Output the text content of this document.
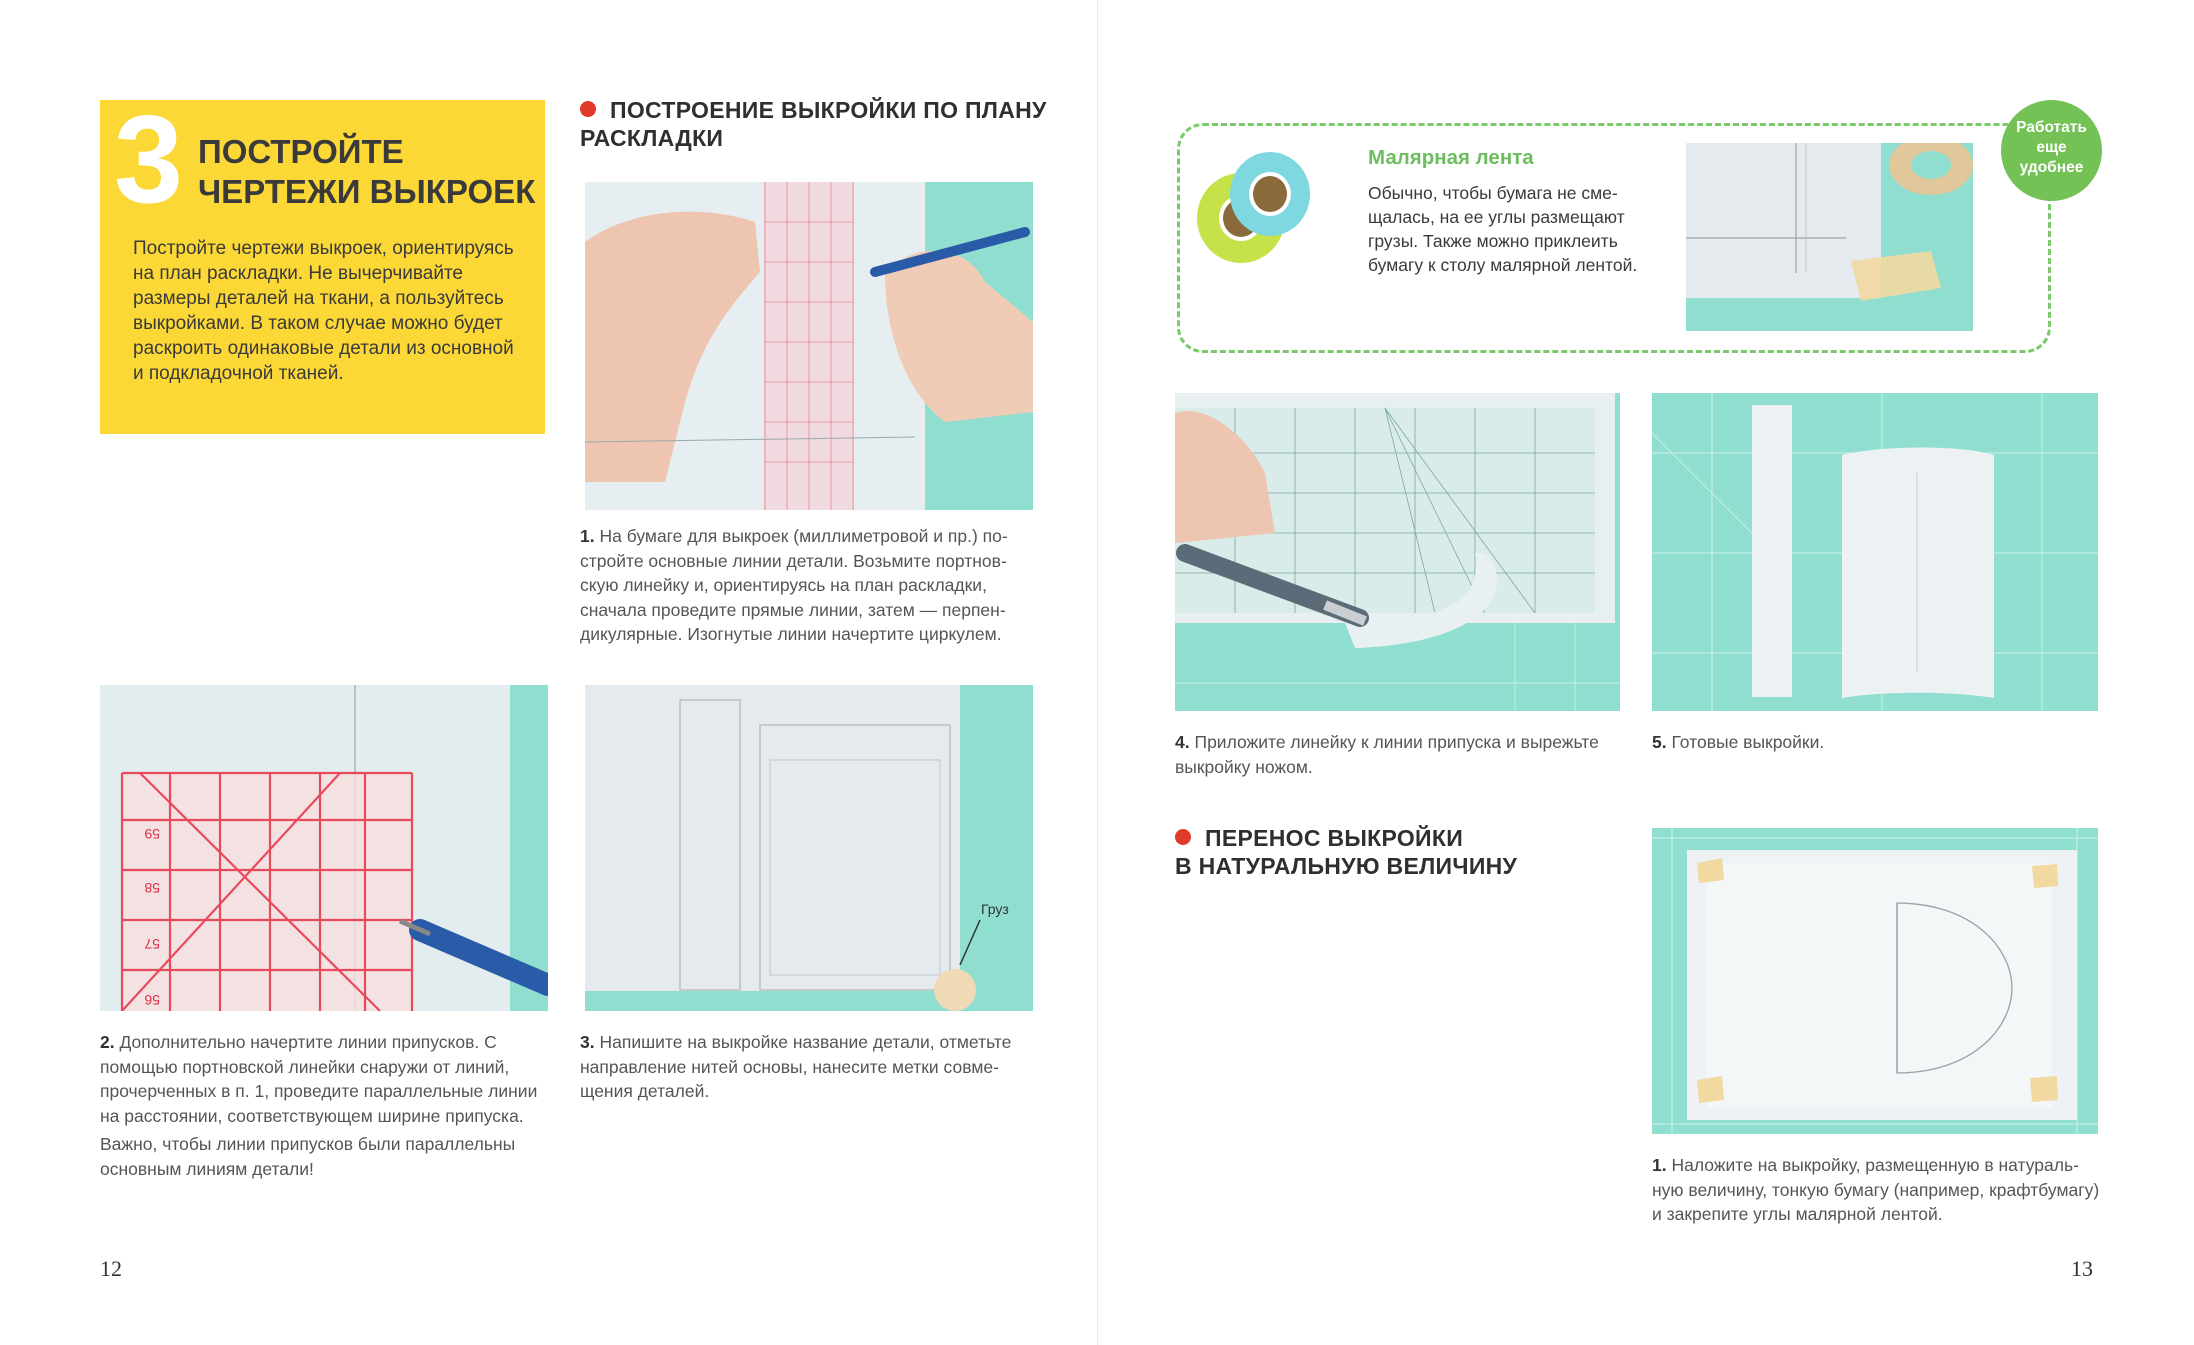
3 ПОСТРОЙТЕ ЧЕРТЕЖИ ВЫКРОЕК
Постройте чертежи выкроек, ориентируясь на план раскладки. Не вычерчивайте размеры деталей на ткани, а пользуйтесь выкройками. В таком случае можно будет раскроить одинаковые детали из основной и подкладочной тканей.
ПОСТРОЕНИЕ ВЫКРОЙКИ ПО ПЛАНУ РАСКЛАДКИ

1. На бумаге для выкроек (миллиметровой и пр.) постройте основные линии детали. Возьмите портновскую линейку и, ориентируясь на план раскладки, сначала проведите прямые линии, затем — перпендикулярные. Изогнутые линии начертите циркулем.

59
58
57
56

2. Дополнительно начертите линии припусков. С помощью портновской линейки снаружи от линий, прочерченных в п. 1, проведите параллельные линии на расстоянии, соответствующем ширине припуска.

Важно, чтобы линии припусков были параллельны основным линиям детали!

Груз

3. Напишите на выкройке название детали, отметьте направление нитей основы, нанесите метки совмещения деталей.

12
Работать
еще
удобнее
Малярная лента
Обычно, чтобы бумага не смещалась, на ее углы размещают грузы. Также можно приклеить бумагу к столу малярной лентой.

4. Приложите линейку к линии припуска и вырежьте выкройку ножом.

5. Готовые выкройки.

ПЕРЕНОС ВЫКРОЙКИ
В НАТУРАЛЬНУЮ ВЕЛИЧИНУ

1. Наложите на выкройку, размещенную в натуральную величину, тонкую бумагу (например, крафтбумагу) и закрепите углы малярной лентой.

13
